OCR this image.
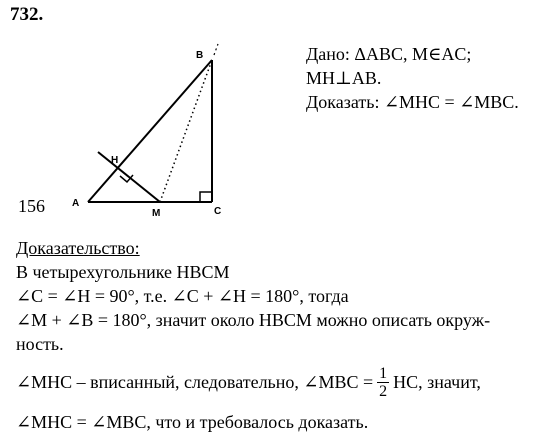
732.
A
B
C
H
M
Дано: ΔABC, M∈AC;
MH⊥AB.
Доказать: ∠MHC = ∠MBC.
156
Доказательство:
В четырехугольнике HBCM
∠C = ∠H = 90°, т.е. ∠C + ∠H = 180°, тогда
∠M + ∠B = 180°, значит около HBCM можно описать окруж-
ность.
∠MHC – вписанный, следовательно, ∠MBC = $\frac{1}{2}$ HC, значит,
∠MHC = ∠MBC, что и требовалось доказать.
